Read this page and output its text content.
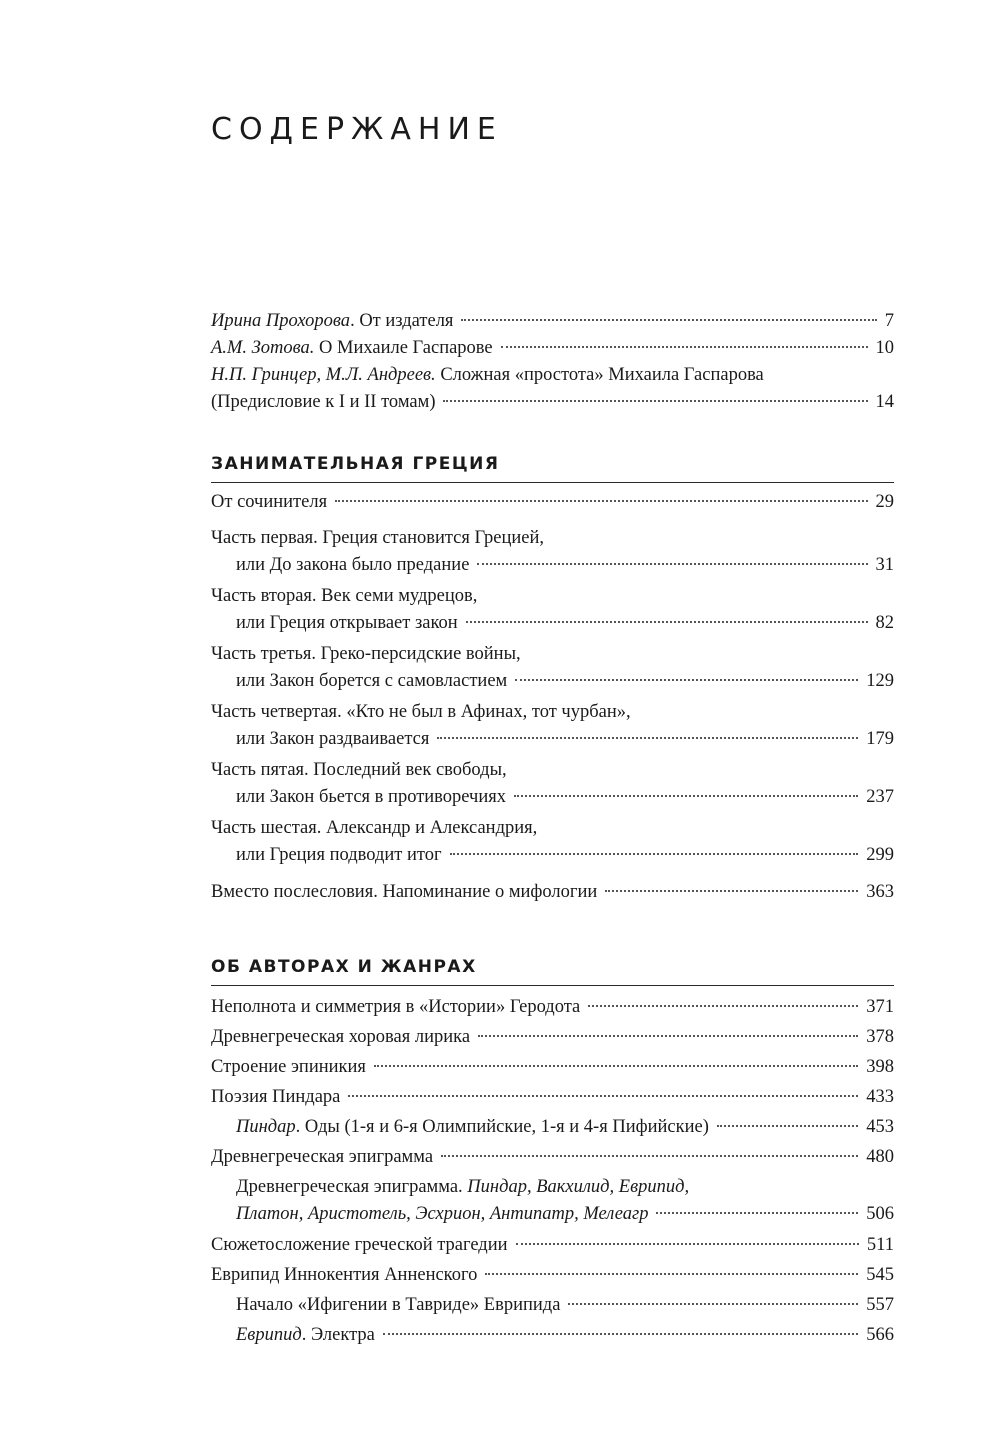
СОДЕРЖАНИЕ
Ирина Прохорова. От издателя	7
А.М. Зотова. О Михаиле Гаспарове	10
Н.П. Гринцер, М.Л. Андреев. Сложная «простота» Михаила Гаспарова
(Предисловие к I и II томам)	14
ЗАНИМАТЕЛЬНАЯ ГРЕЦИЯ
От сочинителя	29
Часть первая. Греция становится Грецией,
или До закона было предание	31
Часть вторая. Век семи мудрецов,
или Греция открывает закон	82
Часть третья. Греко-персидские войны,
или Закон борется с самовластием	129
Часть четвертая. «Кто не был в Афинах, тот чурбан»,
или Закон раздваивается	179
Часть пятая. Последний век свободы,
или Закон бьется в противоречиях	237
Часть шестая. Александр и Александрия,
или Греция подводит итог	299
Вместо послесловия. Напоминание о мифологии	363
ОБ АВТОРАХ И ЖАНРАХ
Неполнота и симметрия в «Истории» Геродота	371
Древнегреческая хоровая лирика	378
Строение эпиникия	398
Поэзия Пиндара	433
Пиндар. Оды (1-я и 6-я Олимпийские, 1-я и 4-я Пифийские)	453
Древнегреческая эпиграмма	480
Древнегреческая эпиграмма. Пиндар, Вакхилид, Еврипид,
Платон, Аристотель, Эсхрион, Антипатр, Мелеагр	506
Сюжетосложение греческой трагедии	511
Еврипид Иннокентия Анненского	545
Начало «Ифигении в Тавриде» Еврипида	557
Еврипид. Электра	566
